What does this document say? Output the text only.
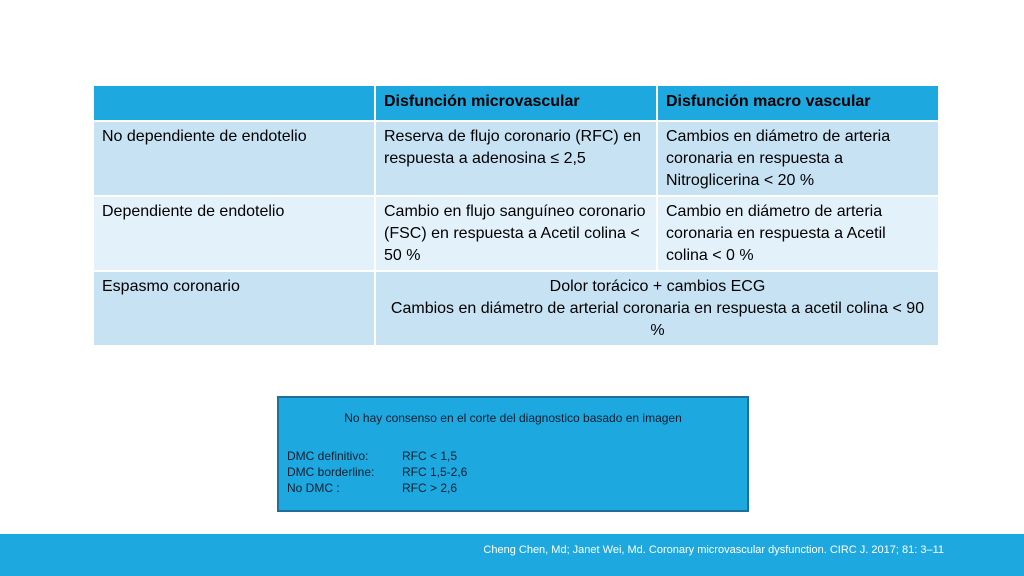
	Disfunción microvascular	Disfunción macro vascular
No dependiente de endotelio	Reserva de flujo coronario (RFC) en respuesta a adenosina ≤ 2,5	Cambios en diámetro de arteria coronaria en respuesta a Nitroglicerina < 20 %
Dependiente de endotelio	Cambio en flujo sanguíneo coronario (FSC) en respuesta a Acetil colina < 50 %	Cambio en diámetro de arteria coronaria en respuesta a Acetil colina < 0 %
Espasmo coronario	Dolor torácico + cambios ECG
Cambios en diámetro de arterial coronaria en respuesta a acetil colina < 90 %	
No hay consenso en el corte del diagnostico basado en imagen
DMC definitivo:	RFC < 1,5
DMC borderline:	RFC 1,5-2,6
No DMC :	RFC > 2,6
Cheng Chen, Md; Janet Wei, Md. Coronary microvascular dysfunction. CIRC J. 2017; 81: 3–11
